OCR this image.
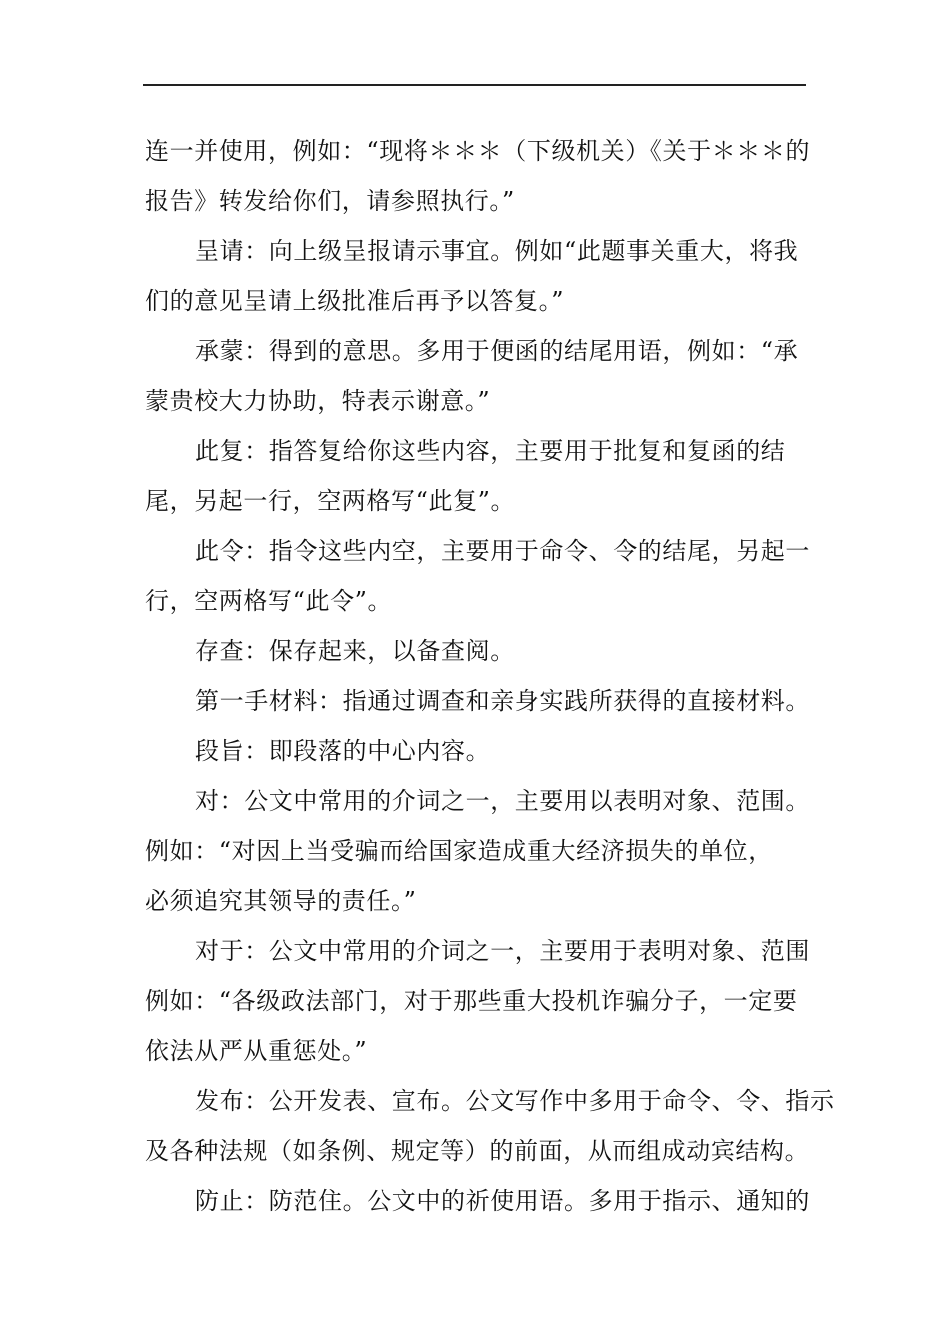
连一并使用，例如：“现将＊＊＊（下级机关）《关于＊＊＊的
报告》转发给你们，请参照执行。”
呈请：向上级呈报请示事宜。例如“此题事关重大，将我
们的意见呈请上级批准后再予以答复。”
承蒙：得到的意思。多用于便函的结尾用语，例如：“承
蒙贵校大力协助，特表示谢意。”
此复：指答复给你这些内容，主要用于批复和复函的结
尾，另起一行，空两格写“此复”。
此令：指令这些内空，主要用于命令、令的结尾，另起一
行，空两格写“此令”。
存查：保存起来，以备查阅。
第一手材料：指通过调查和亲身实践所获得的直接材料。
段旨：即段落的中心内容。
对：公文中常用的介词之一，主要用以表明对象、范围。
例如：“对因上当受骗而给国家造成重大经济损失的单位，
必须追究其领导的责任。”
对于：公文中常用的介词之一，主要用于表明对象、范围
例如：“各级政法部门，对于那些重大投机诈骗分子，一定要
依法从严从重惩处。”
发布：公开发表、宣布。公文写作中多用于命令、令、指示
及各种法规（如条例、规定等）的前面，从而组成动宾结构。
防止：防范住。公文中的祈使用语。多用于指示、通知的
